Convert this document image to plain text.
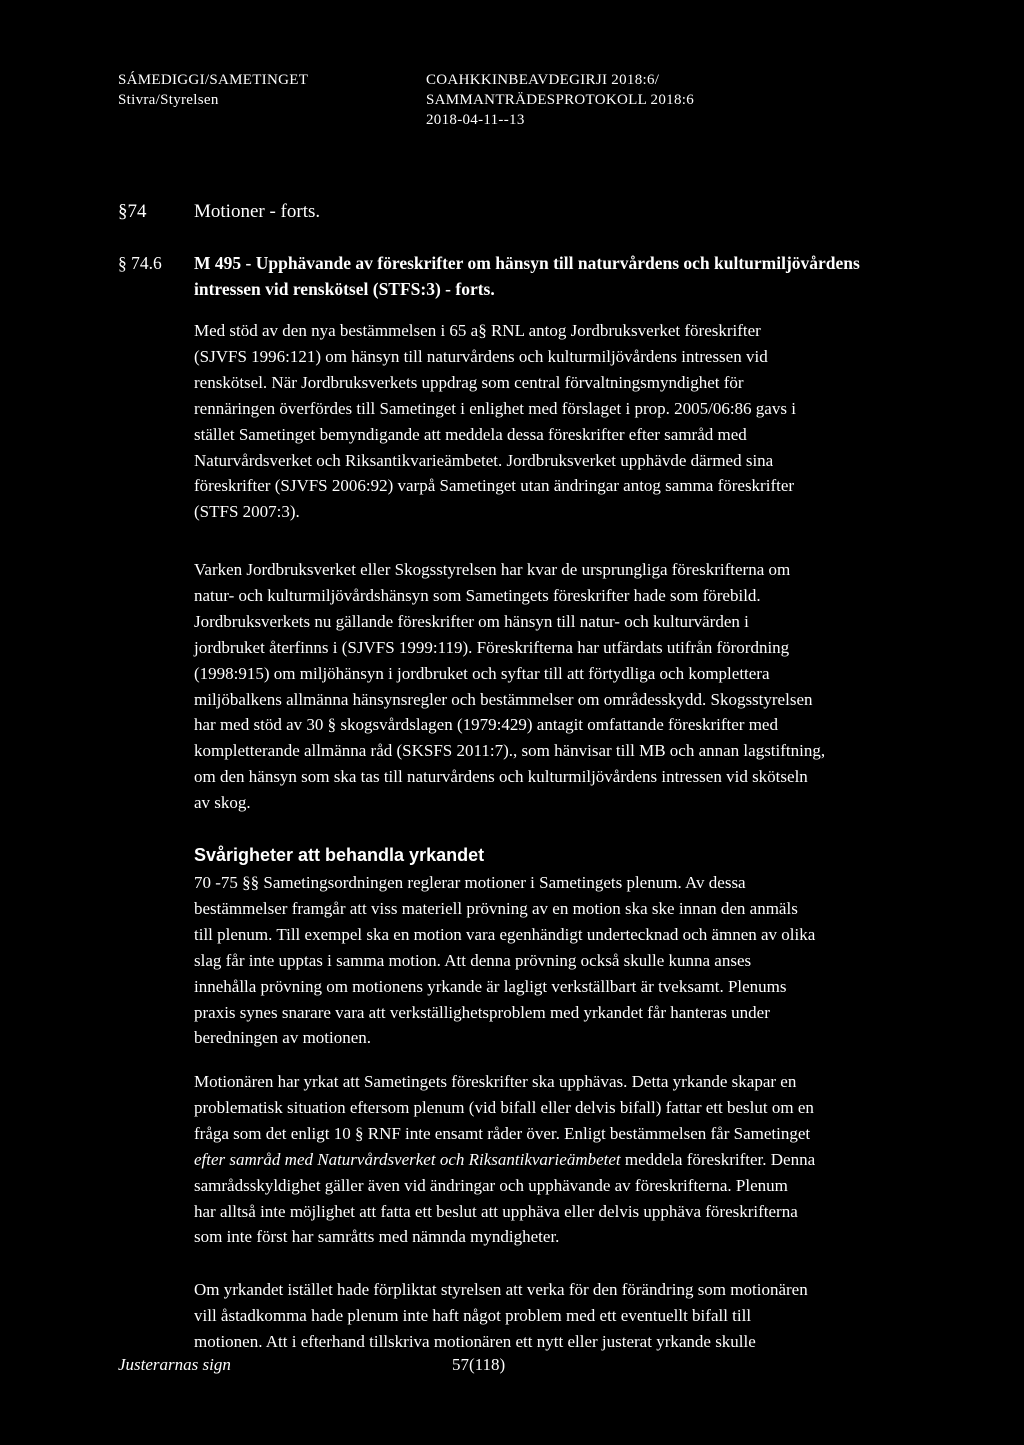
SÁMEDIGGI/SAMETINGET
Stivra/Styrelsen
COAHKKINBEAVDEGIRJI 2018:6/
SAMMANTRÄDESPROTOKOLL 2018:6
2018-04-11--13
§74	Motioner - forts.
§ 74.6	M 495 - Upphävande av föreskrifter om hänsyn till naturvårdens och kulturmiljövårdens
intressen vid renskötsel (STFS:3) - forts.

Med stöd av den nya bestämmelsen i 65 a§ RNL antog Jordbruksverket föreskrifter
(SJVFS 1996:121) om hänsyn till naturvårdens och kulturmiljövårdens intressen vid
renskötsel. När Jordbruksverkets uppdrag som central förvaltningsmyndighet för
rennäringen överfördes till Sametinget i enlighet med förslaget i prop. 2005/06:86 gavs i
stället Sametinget bemyndigande att meddela dessa föreskrifter efter samråd med
Naturvårdsverket och Riksantikvarieämbetet. Jordbruksverket upphävde därmed sina
föreskrifter (SJVFS 2006:92) varpå Sametinget utan ändringar antog samma föreskrifter
(STFS 2007:3).

Varken Jordbruksverket eller Skogsstyrelsen har kvar de ursprungliga föreskrifterna om
natur- och kulturmiljövårdshänsyn som Sametingets föreskrifter hade som förebild.
Jordbruksverkets nu gällande föreskrifter om hänsyn till natur- och kulturvärden i
jordbruket återfinns i (SJVFS 1999:119). Föreskrifterna har utfärdats utifrån förordning
(1998:915) om miljöhänsyn i jordbruket och syftar till att förtydliga och komplettera
miljöbalkens allmänna hänsynsregler och bestämmelser om områdesskydd. Skogsstyrelsen
har med stöd av 30 § skogsvårdslagen (1979:429) antagit omfattande föreskrifter med
kompletterande allmänna råd (SKSFS 2011:7)., som hänvisar till MB och annan lagstiftning,
om den hänsyn som ska tas till naturvårdens och kulturmiljövårdens intressen vid skötseln
av skog.

Svårigheter att behandla yrkandet

70 -75 §§ Sametingsordningen reglerar motioner i Sametingets plenum. Av dessa
bestämmelser framgår att viss materiell prövning av en motion ska ske innan den anmäls
till plenum. Till exempel ska en motion vara egenhändigt undertecknad och ämnen av olika
slag får inte upptas i samma motion. Att denna prövning också skulle kunna anses
innehålla prövning om motionens yrkande är lagligt verkställbart är tveksamt. Plenums
praxis synes snarare vara att verkställighetsproblem med yrkandet får hanteras under
beredningen av motionen.

Motionären har yrkat att Sametingets föreskrifter ska upphävas. Detta yrkande skapar en
problematisk situation eftersom plenum (vid bifall eller delvis bifall) fattar ett beslut om en
fråga som det enligt 10 § RNF inte ensamt råder över. Enligt bestämmelsen får Sametinget
efter samråd med Naturvårdsverket och Riksantikvarieämbetet meddela föreskrifter. Denna
samrådsskyldighet gäller även vid ändringar och upphävande av föreskrifterna. Plenum
har alltså inte möjlighet att fatta ett beslut att upphäva eller delvis upphäva föreskrifterna
som inte först har samråtts med nämnda myndigheter.

Om yrkandet istället hade förpliktat styrelsen att verka för den förändring som motionären
vill åstadkomma hade plenum inte haft något problem med ett eventuellt bifall till
motionen. Att i efterhand tillskriva motionären ett nytt eller justerat yrkande skulle

Justerarnas sign	57(118)
